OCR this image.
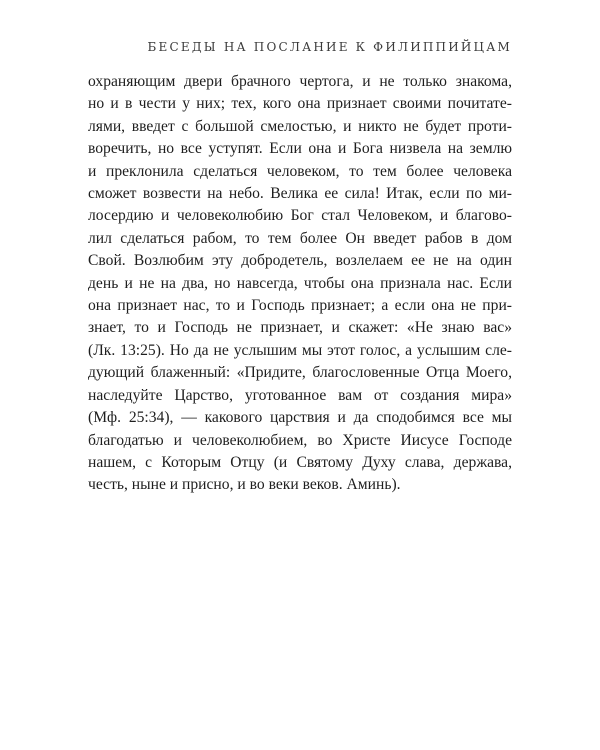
БЕСЕДЫ НА ПОСЛАНИЕ К ФИЛИППИЙЦАМ
охраняющим двери брачного чертога, и не только знакома,
но и в чести у них; тех, кого она признает своими почитате-
лями, введет с большой смелостью, и никто не будет проти-
воречить, но все уступят. Если она и Бога низвела на землю
и преклонила сделаться человеком, то тем более человека
сможет возвести на небо. Велика ее сила! Итак, если по ми-
лосердию и человеколюбию Бог стал Человеком, и благово-
лил сделаться рабом, то тем более Он введет рабов в дом
Свой. Возлюбим эту добродетель, возлелаем ее не на один
день и не на два, но навсегда, чтобы она признала нас. Если
она признает нас, то и Господь признает; а если она не при-
знает, то и Господь не признает, и скажет: «Не знаю вас»
(Лк. 13:25). Но да не услышим мы этот голос, а услышим сле-
дующий блаженный: «Придите, благословенные Отца Моего,
наследуйте Царство, уготованное вам от создания мира»
(Мф. 25:34), — какового царствия и да сподобимся все мы
благодатью и человеколюбием, во Христе Иисусе Господе
нашем, с Которым Отцу (и Святому Духу слава, держава,
честь, ныне и присно, и во веки веков. Аминь).
